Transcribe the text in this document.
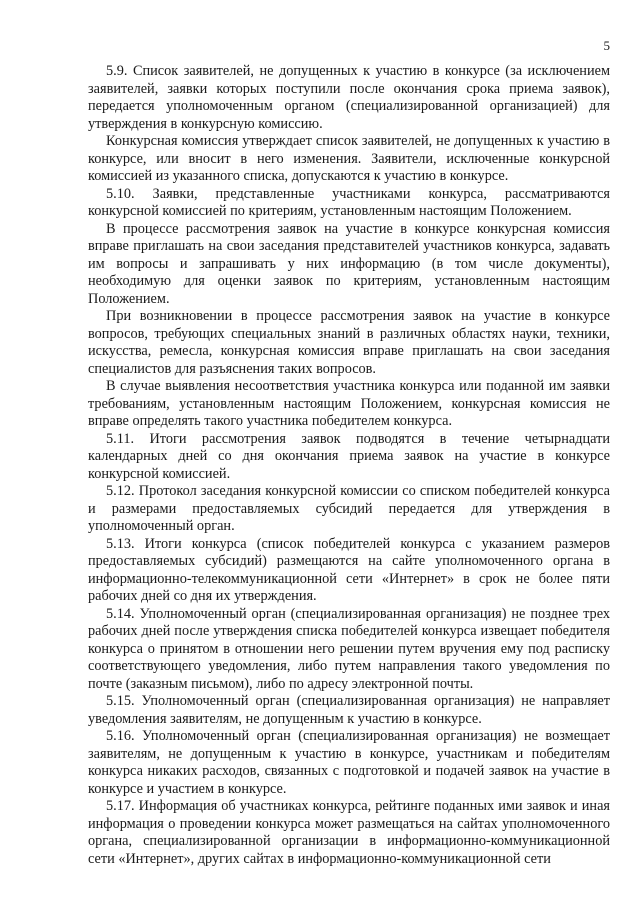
5

5.9. Список заявителей, не допущенных к участию в конкурсе (за исключением заявителей, заявки которых поступили после окончания срока приема заявок), передается уполномоченным органом (специализированной организацией) для утверждения в конкурсную комиссию.

Конкурсная комиссия утверждает список заявителей, не допущенных к участию в конкурсе, или вносит в него изменения. Заявители, исключенные конкурсной комиссией из указанного списка, допускаются к участию в конкурсе.

5.10. Заявки, представленные участниками конкурса, рассматриваются конкурсной комиссией по критериям, установленным настоящим Положением.

В процессе рассмотрения заявок на участие в конкурсе конкурсная комиссия вправе приглашать на свои заседания представителей участников конкурса, задавать им вопросы и запрашивать у них информацию (в том числе документы), необходимую для оценки заявок по критериям, установленным настоящим Положением.

При возникновении в процессе рассмотрения заявок на участие в конкурсе вопросов, требующих специальных знаний в различных областях науки, техники, искусства, ремесла, конкурсная комиссия вправе приглашать на свои заседания специалистов для разъяснения таких вопросов.

В случае выявления несоответствия участника конкурса или поданной им заявки требованиям, установленным настоящим Положением, конкурсная комиссия не вправе определять такого участника победителем конкурса.

5.11. Итоги рассмотрения заявок подводятся в течение четырнадцати календарных дней со дня окончания приема заявок на участие в конкурсе конкурсной комиссией.

5.12. Протокол заседания конкурсной комиссии со списком победителей конкурса и размерами предоставляемых субсидий передается для утверждения в уполномоченный орган.

5.13. Итоги конкурса (список победителей конкурса с указанием размеров предоставляемых субсидий) размещаются на сайте уполномоченного органа в информационно-телекоммуникационной сети «Интернет» в срок не более пяти рабочих дней со дня их утверждения.

5.14. Уполномоченный орган (специализированная организация) не позднее трех рабочих дней после утверждения списка победителей конкурса извещает победителя конкурса о принятом в отношении него решении путем вручения ему под расписку соответствующего уведомления, либо путем направления такого уведомления по почте (заказным письмом), либо по адресу электронной почты.

5.15. Уполномоченный орган (специализированная организация) не направляет уведомления заявителям, не допущенным к участию в конкурсе.

5.16. Уполномоченный орган (специализированная организация) не возмещает заявителям, не допущенным к участию в конкурсе, участникам и победителям конкурса никаких расходов, связанных с подготовкой и подачей заявок на участие в конкурсе и участием в конкурсе.

5.17. Информация об участниках конкурса, рейтинге поданных ими заявок и иная информация о проведении конкурса может размещаться на сайтах уполномоченного органа, специализированной организации в информационно-коммуникационной сети «Интернет», других сайтах в информационно-коммуникационной сети
